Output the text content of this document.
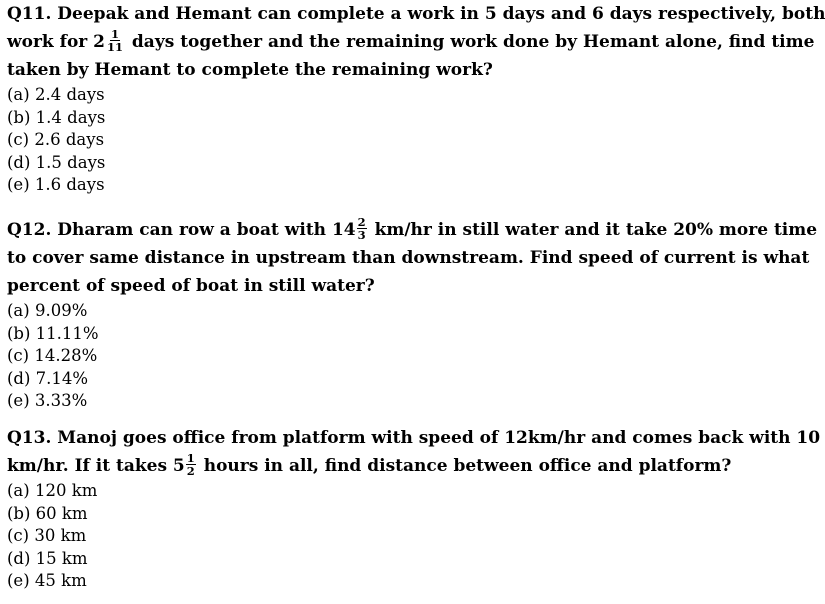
Q11. Deepak and Hemant can complete a work in 5 days and 6 days respectively, both
work for $2 \frac{1}{11}$ days together and the remaining work done by Hemant alone, find time
taken by Hemant to complete the remaining work?
(a) 2.4 days
(b) 1.4 days
(c) 2.6 days
(d) 1.5 days
(e) 1.6 days
Q12. Dharam can row a boat with $14 \frac{2}{3} km/hr$ in still water and it take 20% more time
to cover same distance in upstream than downstream. Find speed of current is what
percent of speed of boat in still water?
(a) 9.09%
(b) 11.11%
(c) 14.28%
(d) 7.14%
(e) 3.33%
Q13. Manoj goes office from platform with speed of 12km/hr and comes back with 10
km/hr. If it takes $5 \frac{1}{2}$ hours in all, find distance between office and platform?
(a) 120 km
(b) 60 km
(c) 30 km
(d) 15 km
(e) 45 km
